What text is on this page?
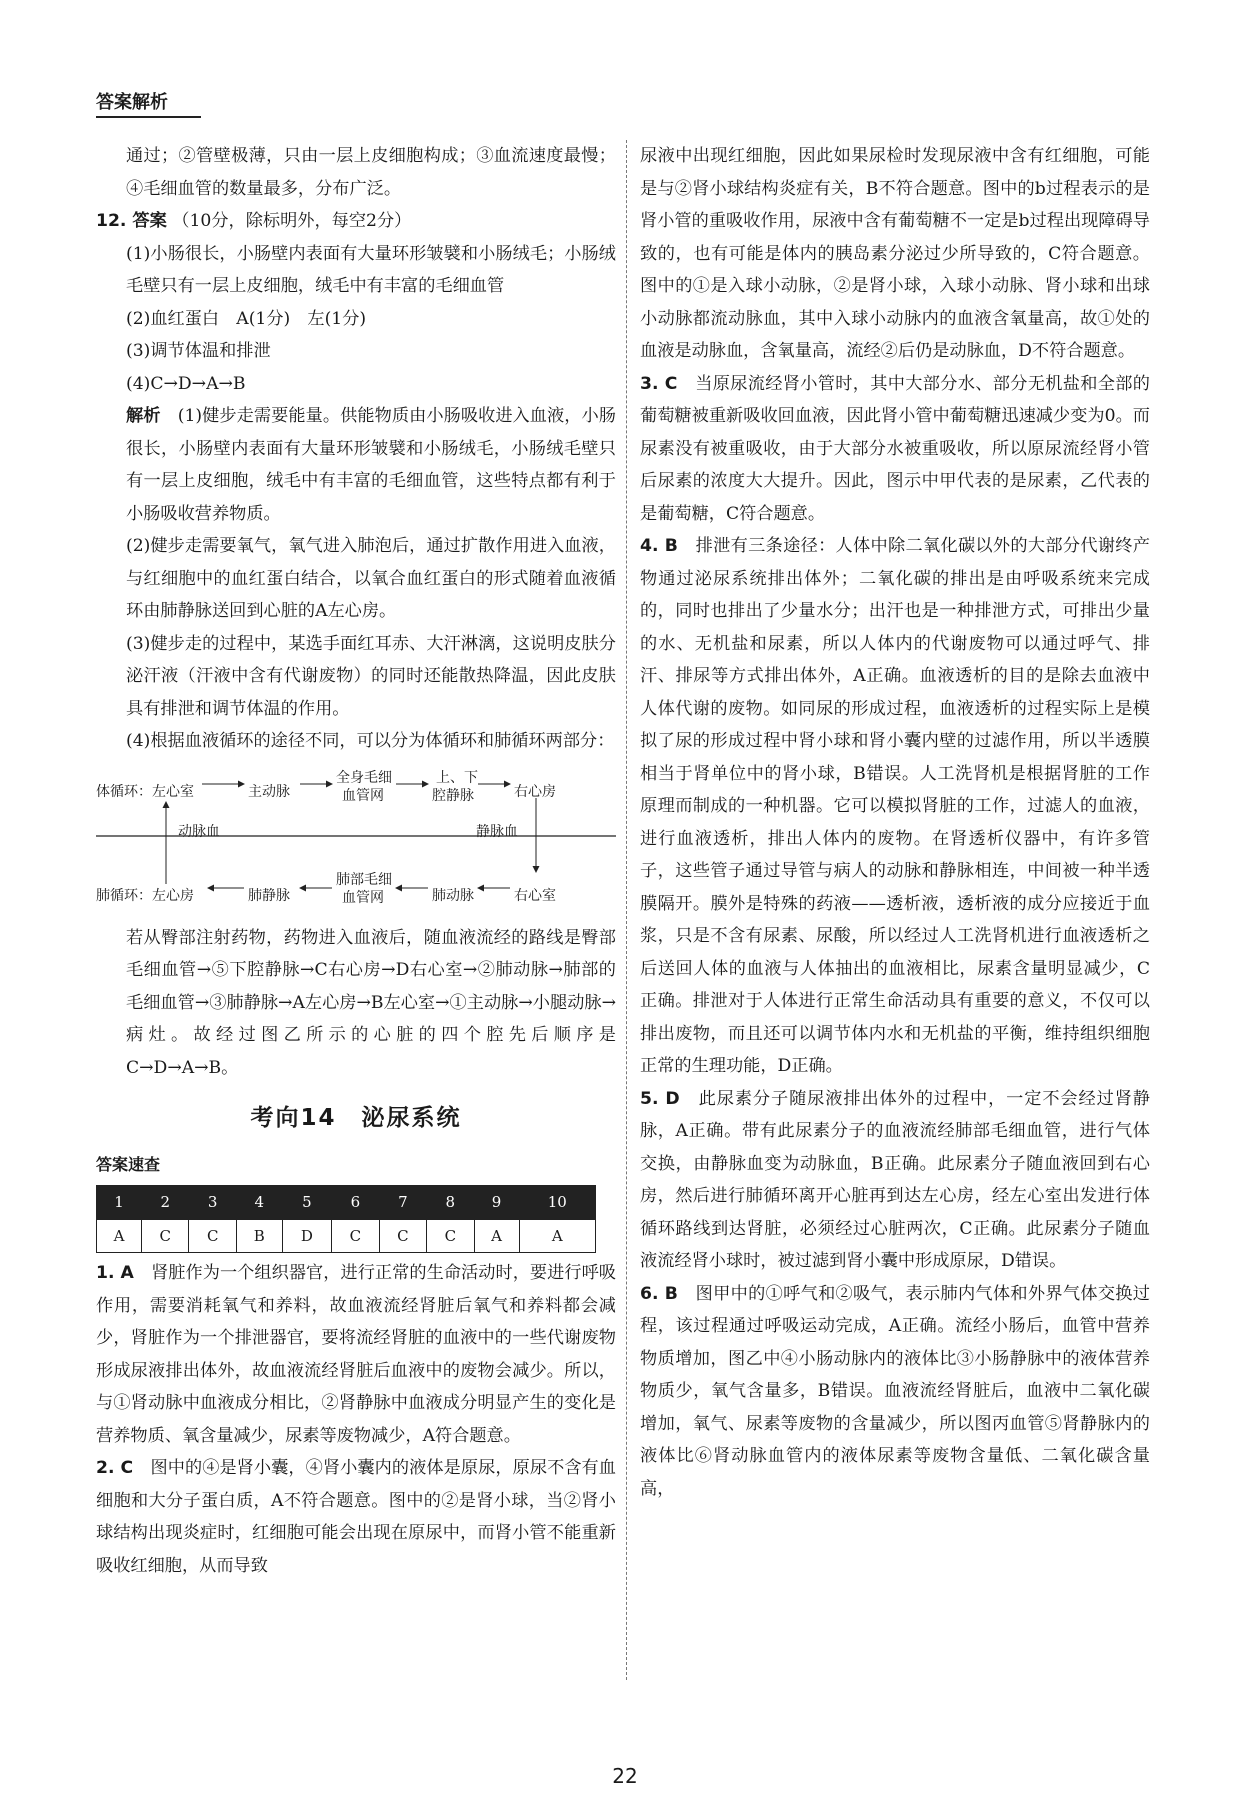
答案解析

通过；②管壁极薄，只由一层上皮细胞构成；③血流速度最慢；④毛细血管的数量最多，分布广泛。

12. 答案 （10分，除标明外，每空2分）

(1)小肠很长，小肠壁内表面有大量环形皱襞和小肠绒毛；小肠绒毛壁只有一层上皮细胞，绒毛中有丰富的毛细血管

(2)血红蛋白　A(1分)　左(1分)

(3)调节体温和排泄

(4)C→D→A→B

解析　 (1)健步走需要能量。供能物质由小肠吸收进入血液，小肠很长，小肠壁内表面有大量环形皱襞和小肠绒毛，小肠绒毛壁只有一层上皮细胞，绒毛中有丰富的毛细血管，这些特点都有利于小肠吸收营养物质。

(2)健步走需要氧气，氧气进入肺泡后，通过扩散作用进入血液，与红细胞中的血红蛋白结合，以氧合血红蛋白的形式随着血液循环由肺静脉送回到心脏的A左心房。

(3)健步走的过程中，某选手面红耳赤、大汗淋漓，这说明皮肤分泌汗液（汗液中含有代谢废物）的同时还能散热降温，因此皮肤具有排泄和调节体温的作用。

(4)根据血液循环的途径不同，可以分为体循环和肺循环两部分：

体循环：左心室	主动脉
全身毛细
血管网
上、下
腔静脉	右心房
动脉血	静脉血
肺循环：左心房	肺静脉
肺部毛细
血管网	肺动脉	右心室

若从臀部注射药物，药物进入血液后，随血液流经的路线是臀部毛细血管→⑤下腔静脉→C右心房→D右心室→②肺动脉→肺部的毛细血管→③肺静脉→A左心房→B左心室→①主动脉→小腿动脉→病灶。故经过图乙所示的心脏的四个腔先后顺序是C→D→A→B。

考向14　泌尿系统
答案速查
1	2	3	4	5	6	7	8	9	10
A	C	C	B	D	C	C	C	A	A

1. A　 肾脏作为一个组织器官，进行正常的生命活动时，要进行呼吸作用，需要消耗氧气和养料，故血液流经肾脏后氧气和养料都会减少，肾脏作为一个排泄器官，要将流经肾脏的血液中的一些代谢废物形成尿液排出体外，故血液流经肾脏后血液中的废物会减少。所以，与①肾动脉中血液成分相比，②肾静脉中血液成分明显产生的变化是营养物质、氧含量减少，尿素等废物减少，A符合题意。

2. C　 图中的④是肾小囊，④肾小囊内的液体是原尿，原尿不含有血细胞和大分子蛋白质，A不符合题意。图中的②是肾小球，当②肾小球结构出现炎症时，红细胞可能会出现在原尿中，而肾小管不能重新吸收红细胞，从而导致

尿液中出现红细胞，因此如果尿检时发现尿液中含有红细胞，可能是与②肾小球结构炎症有关，B不符合题意。图中的b过程表示的是肾小管的重吸收作用，尿液中含有葡萄糖不一定是b过程出现障碍导致的，也有可能是体内的胰岛素分泌过少所导致的，C符合题意。图中的①是入球小动脉，②是肾小球，入球小动脉、肾小球和出球小动脉都流动脉血，其中入球小动脉内的血液含氧量高，故①处的血液是动脉血，含氧量高，流经②后仍是动脉血，D不符合题意。

3. C　 当原尿流经肾小管时，其中大部分水、部分无机盐和全部的葡萄糖被重新吸收回血液，因此肾小管中葡萄糖迅速减少变为0。而尿素没有被重吸收，由于大部分水被重吸收，所以原尿流经肾小管后尿素的浓度大大提升。因此，图示中甲代表的是尿素，乙代表的是葡萄糖，C符合题意。

4. B　 排泄有三条途径：人体中除二氧化碳以外的大部分代谢终产物通过泌尿系统排出体外；二氧化碳的排出是由呼吸系统来完成的，同时也排出了少量水分；出汗也是一种排泄方式，可排出少量的水、无机盐和尿素，所以人体内的代谢废物可以通过呼气、排汗、排尿等方式排出体外，A正确。血液透析的目的是除去血液中人体代谢的废物。如同尿的形成过程，血液透析的过程实际上是模拟了尿的形成过程中肾小球和肾小囊内壁的过滤作用，所以半透膜相当于肾单位中的肾小球，B错误。人工洗肾机是根据肾脏的工作原理而制成的一种机器。它可以模拟肾脏的工作，过滤人的血液，进行血液透析，排出人体内的废物。在肾透析仪器中，有许多管子，这些管子通过导管与病人的动脉和静脉相连，中间被一种半透膜隔开。膜外是特殊的药液——透析液，透析液的成分应接近于血浆，只是不含有尿素、尿酸，所以经过人工洗肾机进行血液透析之后送回人体的血液与人体抽出的血液相比，尿素含量明显减少，C正确。排泄对于人体进行正常生命活动具有重要的意义，不仅可以排出废物，而且还可以调节体内水和无机盐的平衡，维持组织细胞正常的生理功能，D正确。

5. D　 此尿素分子随尿液排出体外的过程中，一定不会经过肾静脉，A正确。带有此尿素分子的血液流经肺部毛细血管，进行气体交换，由静脉血变为动脉血，B正确。此尿素分子随血液回到右心房，然后进行肺循环离开心脏再到达左心房，经左心室出发进行体循环路线到达肾脏，必须经过心脏两次，C正确。此尿素分子随血液流经肾小球时，被过滤到肾小囊中形成原尿，D错误。

6. B　 图甲中的①呼气和②吸气，表示肺内气体和外界气体交换过程，该过程通过呼吸运动完成，A正确。流经小肠后，血管中营养物质增加，图乙中④小肠动脉内的液体比③小肠静脉中的液体营养物质少，氧气含量多，B错误。血液流经肾脏后，血液中二氧化碳增加，氧气、尿素等废物的含量减少，所以图丙血管⑤肾静脉内的液体比⑥肾动脉血管内的液体尿素等废物含量低、二氧化碳含量高，

22
